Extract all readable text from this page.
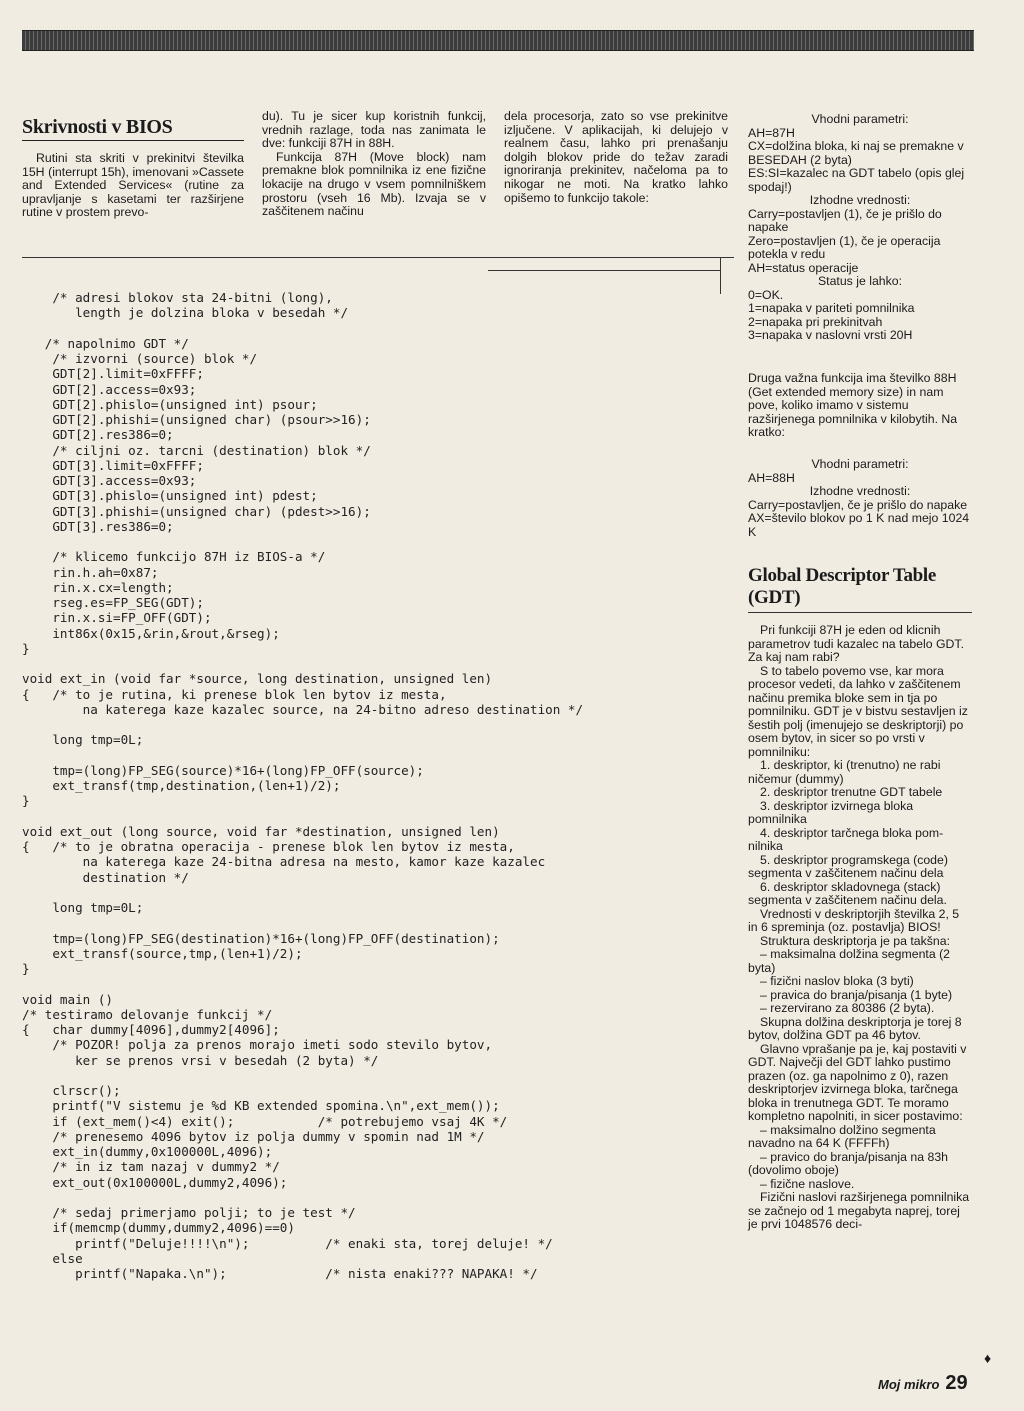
Skrivnosti v BIOS

Rutini sta skriti v prekinitvi številka 15H (interrupt 15h), imenovani »Cassete and Extended Services« (rutine za upravljanje s kasetami ter razširjene rutine v prostem prevo-

du). Tu je sicer kup koristnih funkcij, vrednih razlage, toda nas zanimata le dve: funkciji 87H in 88H.

Funkcija 87H (Move block) nam premakne blok pomnilnika iz ene fizične lokacije na drugo v vsem pomnilniškem prostoru (vseh 16 Mb). Izvaja se v zaščitenem načinu

dela procesorja, zato so vse prekinitve izljučene. V aplikacijah, ki delujejo v realnem času, lahko pri prenašanju dolgih blokov pride do težav zaradi ignoriranja prekinitev, načeloma pa to nikogar ne moti. Na kratko lahko opišemo to funkcijo takole:

/* adresi blokov sta 24-bitni (long),
length je dolzina bloka v besedah */

/* napolnimo GDT */
/* izvorni (source) blok */
GDT[2].limit=0xFFFF;
GDT[2].access=0x93;
GDT[2].phislo=(unsigned int) psour;
GDT[2].phishi=(unsigned char) (psour>>16);
GDT[2].res386=0;
/* ciljni oz. tarcni (destination) blok */
GDT[3].limit=0xFFFF;
GDT[3].access=0x93;
GDT[3].phislo=(unsigned int) pdest;
GDT[3].phishi=(unsigned char) (pdest>>16);
GDT[3].res386=0;

/* klicemo funkcijo 87H iz BIOS-a */
rin.h.ah=0x87;
rin.x.cx=length;
rseg.es=FP_SEG(GDT);
rin.x.si=FP_OFF(GDT);
int86x(0x15,&rin,&rout,&rseg);
}

void ext_in (void far *source, long destination, unsigned len)
{   /* to je rutina, ki prenese blok len bytov iz mesta,
na katerega kaze kazalec source, na 24-bitno adreso destination */

long tmp=0L;

tmp=(long)FP_SEG(source)*16+(long)FP_OFF(source);
ext_transf(tmp,destination,(len+1)/2);
}

void ext_out (long source, void far *destination, unsigned len)
{   /* to je obratna operacija - prenese blok len bytov iz mesta,
na katerega kaze 24-bitna adresa na mesto, kamor kaze kazalec
destination */

long tmp=0L;

tmp=(long)FP_SEG(destination)*16+(long)FP_OFF(destination);
ext_transf(source,tmp,(len+1)/2);
}

void main ()
/* testiramo delovanje funkcij */
{   char dummy[4096],dummy2[4096];
/* POZOR! polja za prenos morajo imeti sodo stevilo bytov,
ker se prenos vrsi v besedah (2 byta) */

clrscr();
printf("V sistemu je %d KB extended spomina.\n",ext_mem());
if (ext_mem()<4) exit();           /* potrebujemo vsaj 4K */
/* prenesemo 4096 bytov iz polja dummy v spomin nad 1M */
ext_in(dummy,0x100000L,4096);
/* in iz tam nazaj v dummy2 */
ext_out(0x100000L,dummy2,4096);

/* sedaj primerjamo polji; to je test */
if(memcmp(dummy,dummy2,4096)==0)
printf("Deluje!!!!\n");          /* enaki sta, torej deluje! */
else
printf("Napaka.\n");             /* nista enaki??? NAPAKA! */
Vhodni parametri:
AH=87H
CX=dolžina bloka, ki naj se premakne v BESEDAH (2 byta)
ES:SI=kazalec na GDT tabelo (opis glej spodaj!)
Izhodne vrednosti:
Carry=postavljen (1), če je prišlo do napake
Zero=postavljen (1), če je operacija potekla v redu
AH=status operacije
Status je lahko:
0=OK.
1=napaka v pariteti pomnilnika
2=napaka pri prekinitvah
3=napaka v naslovni vrsti 20H
Druga važna funkcija ima številko 88H (Get extended memory size) in nam pove, koliko imamo v sistemu razširjenega pomnilnika v kilobytih. Na kratko:
Vhodni parametri:
AH=88H
Izhodne vrednosti:
Carry=postavljen, če je prišlo do napake
AX=število blokov po 1 K nad mejo 1024 K
Global Descriptor Table (GDT)
Pri funkciji 87H je eden od klicnih parametrov tudi kazalec na tabelo GDT. Za kaj nam rabi?
S to tabelo povemo vse, kar mora procesor vedeti, da lahko v zaščitenem načinu premika bloke sem in tja po pomnilniku. GDT je v bistvu sestavljen iz šestih polj (imenujejo se deskriptorji) po osem bytov, in sicer so po vrsti v pomnilniku:
1. deskriptor, ki (trenutno) ne rabi ničemur (dummy)
2. deskriptor trenutne GDT tabele
3. deskriptor izvirnega bloka pomnilnika
4. deskriptor tarčnega bloka pomnilnika
5. deskriptor programskega (code) segmenta v zaščitenem načinu dela
6. deskriptor skladovnega (stack) segmenta v zaščitenem načinu dela.
Vrednosti v deskriptorjih številka 2, 5 in 6 spreminja (oz. postavlja) BIOS!
Struktura deskriptorja je pa takšna:
– maksimalna dolžina segmenta (2 byta)
– fizični naslov bloka (3 byti)
– pravica do branja/pisanja (1 byte)
– rezervirano za 80386 (2 byta).
Skupna dolžina deskriptorja je torej 8 bytov, dolžina GDT pa 46 bytov.
Glavno vprašanje pa je, kaj postaviti v GDT. Največji del GDT lahko pustimo prazen (oz. ga napolnimo z 0), razen deskriptorjev izvirnega bloka, tarčnega bloka in trenutnega GDT. Te moramo kompletno napolniti, in sicer postavimo:
– maksimalno dolžino segmenta navadno na 64 K (FFFFh)
– pravico do branja/pisanja na 83h (dovolimo oboje)
– fizične naslove.
Fizični naslovi razširjenega pomnilnika se začnejo od 1 megabyta naprej, torej je prvi 1048576 deci-
♦
Moj mikro 29
